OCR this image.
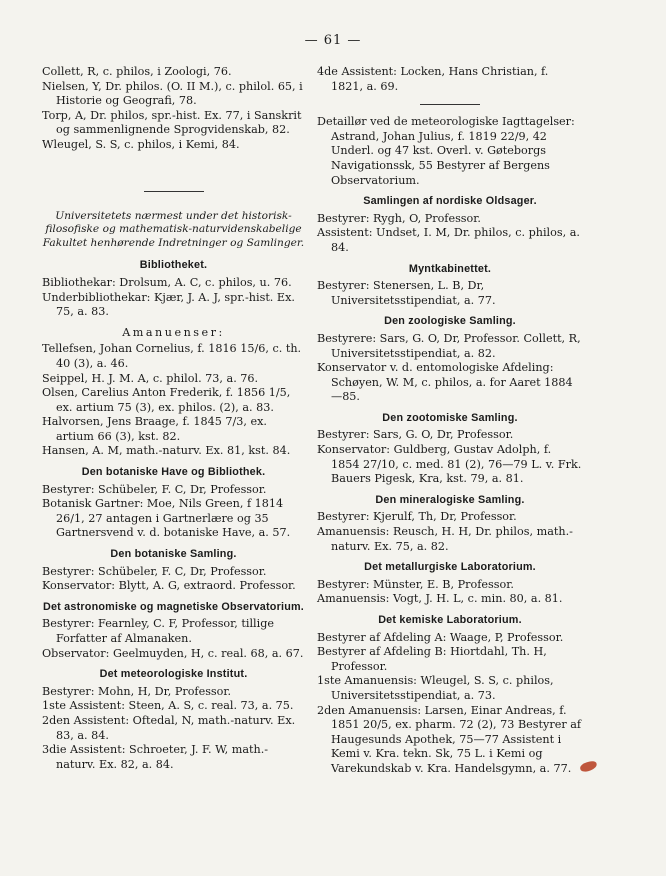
— 61 —

Collett, R, c. philos, i Zoologi, 76.

Nielsen, Y, Dr. philos. (O. II M.), c. philol. 65, i Historie og Geografi, 78.

Torp, A, Dr. philos, spr.-hist. Ex. 77, i Sanskrit og sammenlignende Sprogvidenskab, 82.

Wleugel, S. S, c. philos, i Kemi, 84.

Universitetets nærmest under det historisk-filosofiske og mathematisk-naturvidenskabelige Fakultet henhørende Indretninger og Samlinger.

Bibliotheket.

Bibliothekar: Drolsum, A. C, c. philos, u. 76.

Underbibliothekar: Kjær, J. A. J, spr.-hist. Ex. 75, a. 83.

Amanuenser:

Tellefsen, Johan Cornelius, f. 1816 15/6, c. th. 40 (3), a. 46.

Seippel, H. J. M. A, c. philol. 73, a. 76.

Olsen, Carelius Anton Frederik, f. 1856 1/5, ex. artium 75 (3), ex. philos. (2), a. 83.

Halvorsen, Jens Braage, f. 1845 7/3, ex. artium 66 (3), kst. 82.

Hansen, A. M, math.-naturv. Ex. 81, kst. 84.

Den botaniske Have og Bibliothek.

Bestyrer: Schübeler, F. C, Dr, Professor.

Botanisk Gartner: Moe, Nils Green, f 1814 26/1, 27 antagen i Gartnerlære og 35 Gartnersvend v. d. botaniske Have, a. 57.

Den botaniske Samling.

Bestyrer: Schübeler, F. C, Dr, Professor.

Konservator: Blytt, A. G, extraord. Professor.

Det astronomiske og magnetiske Observatorium.

Bestyrer: Fearnley, C. F, Professor, tillige Forfatter af Almanaken.

Observator: Geelmuyden, H, c. real. 68, a. 67.

Det meteorologiske Institut.

Bestyrer: Mohn, H, Dr, Professor.

1ste Assistent: Steen, A. S, c. real. 73, a. 75.

2den Assistent: Oftedal, N, math.-naturv. Ex. 83, a. 84.

3die Assistent: Schroeter, J. F. W, math.-naturv. Ex. 82, a. 84.

4de Assistent: Locken, Hans Christian, f. 1821, a. 69.

Detaillør ved de meteorologiske Iagttagelser: Astrand, Johan Julius, f. 1819 22/9, 42 Underl. og 47 kst. Overl. v. Gøteborgs Navigationssk, 55 Bestyrer af Bergens Observatorium.

Samlingen af nordiske Oldsager.

Bestyrer: Rygh, O, Professor.

Assistent: Undset, I. M, Dr. philos, c. philos, a. 84.

Myntkabinettet.

Bestyrer: Stenersen, L. B, Dr, Universitetsstipendiat, a. 77.

Den zoologiske Samling.

Bestyrere: Sars, G. O, Dr, Professor. Collett, R, Universitetsstipendiat, a. 82.

Konservator v. d. entomologiske Afdeling: Schøyen, W. M, c. philos, a. for Aaret 1884—85.

Den zootomiske Samling.

Bestyrer: Sars, G. O, Dr, Professor.

Konservator: Guldberg, Gustav Adolph, f. 1854 27/10, c. med. 81 (2), 76—79 L. v. Frk. Bauers Pigesk, Kra, kst. 79, a. 81.

Den mineralogiske Samling.

Bestyrer: Kjerulf, Th, Dr, Professor.

Amanuensis: Reusch, H. H, Dr. philos, math.-naturv. Ex. 75, a. 82.

Det metallurgiske Laboratorium.

Bestyrer: Münster, E. B, Professor.

Amanuensis: Vogt, J. H. L, c. min. 80, a. 81.

Det kemiske Laboratorium.

Bestyrer af Afdeling A: Waage, P, Professor.

Bestyrer af Afdeling B: Hiortdahl, Th. H, Professor.

1ste Amanuensis: Wleugel, S. S, c. philos, Universitetsstipendiat, a. 73.

2den Amanuensis: Larsen, Einar Andreas, f. 1851 20/5, ex. pharm. 72 (2), 73 Bestyrer af Haugesunds Apothek, 75—77 Assistent i Kemi v. Kra. tekn. Sk, 75 L. i Kemi og Varekundskab v. Kra. Handelsgymn, a. 77.
